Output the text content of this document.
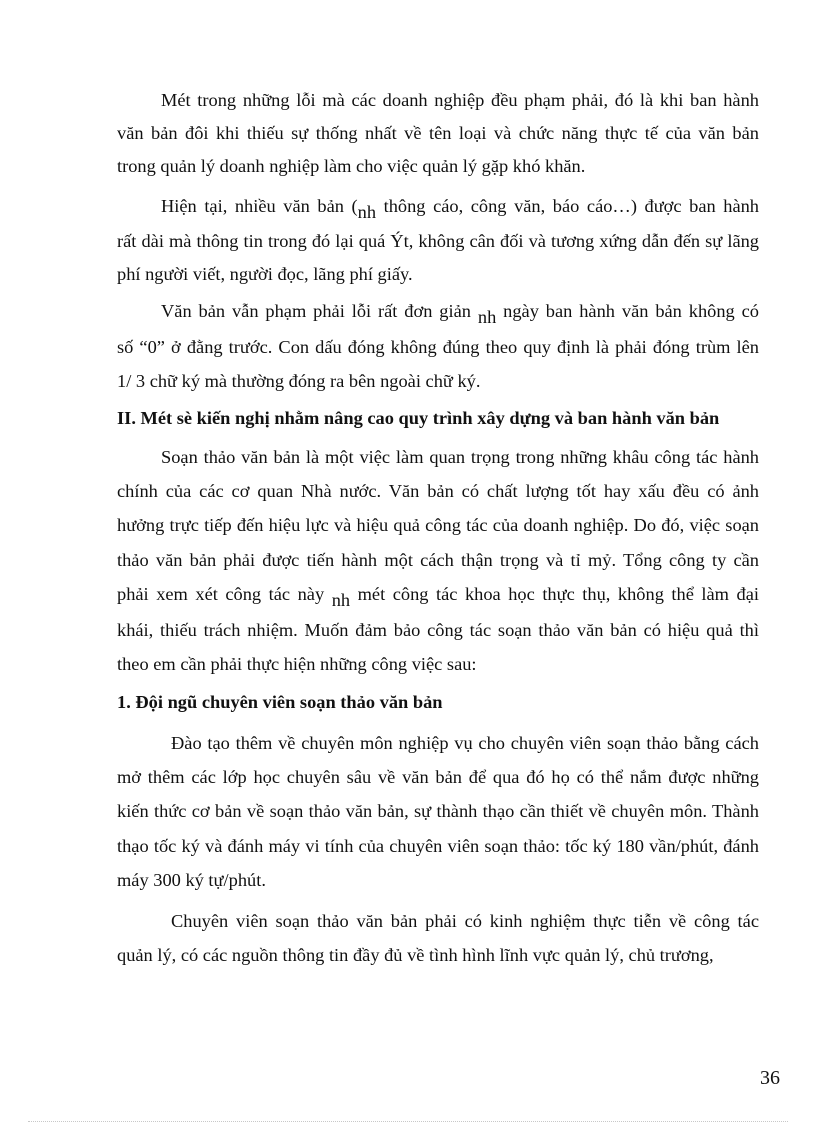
Mét trong những lỗi mà các doanh nghiệp đều phạm phải, đó là khi ban hành

văn bản đôi khi thiếu sự thống nhất về tên loại và chức năng thực tế của văn bản

trong quản lý doanh nghiệp làm cho việc quản lý gặp khó khăn.

Hiện tại, nhiều văn bản (nh thông cáo, công văn, báo cáo…) được ban hành

rất dài mà thông tin trong đó lại quá Ýt, không cân đối và tương xứng dẫn đến sự lãng

phí người viết, người đọc, lãng phí giấy.

Văn bản vẫn phạm phải lỗi rất đơn giản nh ngày ban hành văn bản không có

số “0” ở đằng trước. Con dấu đóng không đúng theo quy định là phải đóng trùm lên

1/ 3 chữ ký mà thường đóng ra bên ngoài chữ ký.

II. Mét sè kiến nghị nhằm nâng cao quy trình xây dựng và ban hành văn bản

Soạn thảo văn bản là một việc làm quan trọng trong những khâu công tác hành

chính của các cơ quan Nhà nước. Văn bản có chất lượng tốt hay xấu đều có ảnh

hưởng trực tiếp đến hiệu lực và hiệu quả công tác của doanh nghiệp. Do đó, việc soạn

thảo văn bản phải được tiến hành một cách thận trọng và tỉ mỷ. Tổng công ty cần

phải xem xét công tác này nh mét công tác khoa học thực thụ, không thể làm đại

khái, thiếu trách nhiệm. Muốn đảm bảo công tác soạn thảo văn bản có hiệu quả thì

theo em cần phải thực hiện những công việc sau:

1. Đội ngũ chuyên viên soạn thảo văn bản

Đào tạo thêm về chuyên môn nghiệp vụ cho chuyên viên soạn thảo bằng cách

mở thêm các lớp học chuyên sâu về văn bản để qua đó họ có thể nắm được những

kiến thức cơ bản về soạn thảo văn bản, sự thành thạo cần thiết về chuyên môn. Thành

thạo tốc ký và đánh máy vi tính của chuyên viên soạn thảo: tốc ký 180 vần/phút, đánh

máy 300 ký tự/phút.

Chuyên viên soạn thảo văn bản phải có kinh nghiệm thực tiễn về công tác

quản lý, có các nguồn thông tin đầy đủ về tình hình lĩnh vực quản lý, chủ trương,

36
